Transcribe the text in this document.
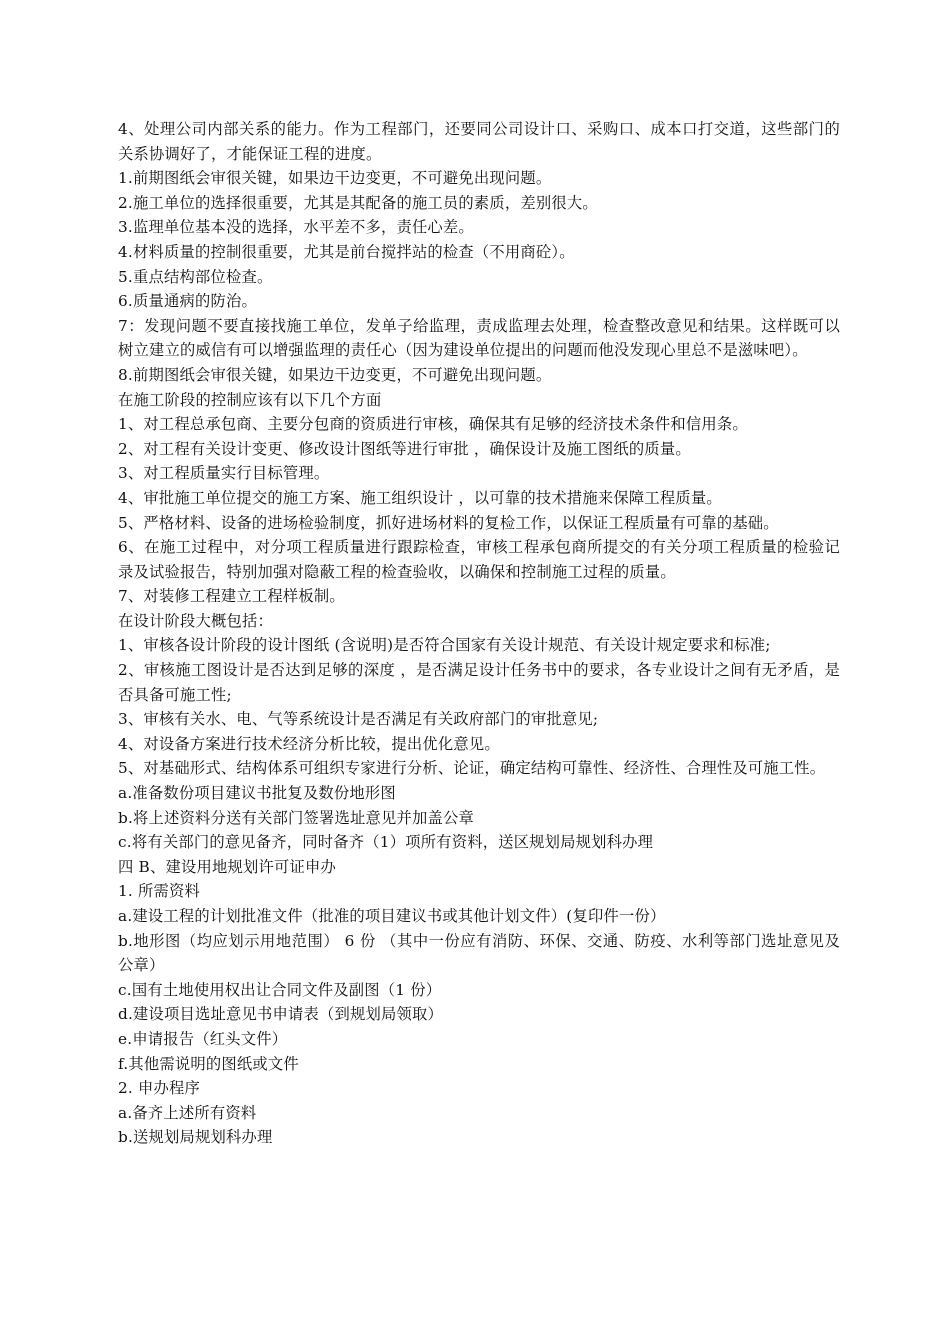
4、处理公司内部关系的能力。作为工程部门，还要同公司设计口、采购口、成本口打交道，这些部门的关系协调好了，才能保证工程的进度。

1.前期图纸会审很关键，如果边干边变更，不可避免出现问题。

2.施工单位的选择很重要，尤其是其配备的施工员的素质，差别很大。

3.监理单位基本没的选择，水平差不多，责任心差。

4.材料质量的控制很重要，尤其是前台搅拌站的检查（不用商砼）。

5.重点结构部位检查。

6.质量通病的防治。

7：发现问题不要直接找施工单位，发单子给监理，责成监理去处理，检查整改意见和结果。这样既可以树立建立的威信有可以增强监理的责任心（因为建设单位提出的问题而他没发现心里总不是滋味吧）。

8.前期图纸会审很关键，如果边干边变更，不可避免出现问题。

在施工阶段的控制应该有以下几个方面

1、对工程总承包商、主要分包商的资质进行审核，确保其有足够的经济技术条件和信用条。

2、对工程有关设计变更、修改设计图纸等进行审批 ，确保设计及施工图纸的质量。

3、对工程质量实行目标管理。

4、审批施工单位提交的施工方案、施工组织设计 ，以可靠的技术措施来保障工程质量。

5、严格材料、设备的进场检验制度，抓好进场材料的复检工作，以保证工程质量有可靠的基础。

6、在施工过程中，对分项工程质量进行跟踪检查，审核工程承包商所提交的有关分项工程质量的检验记录及试验报告，特别加强对隐蔽工程的检查验收，以确保和控制施工过程的质量。

7、对装修工程建立工程样板制。

在设计阶段大概包括：

1、审核各设计阶段的设计图纸 (含说明)是否符合国家有关设计规范、有关设计规定要求和标准;

2、审核施工图设计是否达到足够的深度 ，是否满足设计任务书中的要求，各专业设计之间有无矛盾，是否具备可施工性;

3、审核有关水、电、气等系统设计是否满足有关政府部门的审批意见;

4、对设备方案进行技术经济分析比较，提出优化意见。

5、对基础形式、结构体系可组织专家进行分析、论证，确定结构可靠性、经济性、合理性及可施工性。

a.准备数份项目建议书批复及数份地形图

b.将上述资料分送有关部门签署选址意见并加盖公章

c.将有关部门的意见备齐，同时备齐（1）项所有资料，送区规划局规划科办理

四 B、建设用地规划许可证申办

1. 所需资料

a.建设工程的计划批准文件（批准的项目建议书或其他计划文件）(复印件一份）

b.地形图（均应划示用地范围） 6 份 （其中一份应有消防、环保、交通、防疫、水利等部门选址意见及公章）

c.国有土地使用权出让合同文件及副图（1 份）

d.建设项目选址意见书申请表（到规划局领取）

e.申请报告（红头文件）

f.其他需说明的图纸或文件

2. 申办程序

a.备齐上述所有资料

b.送规划局规划科办理
